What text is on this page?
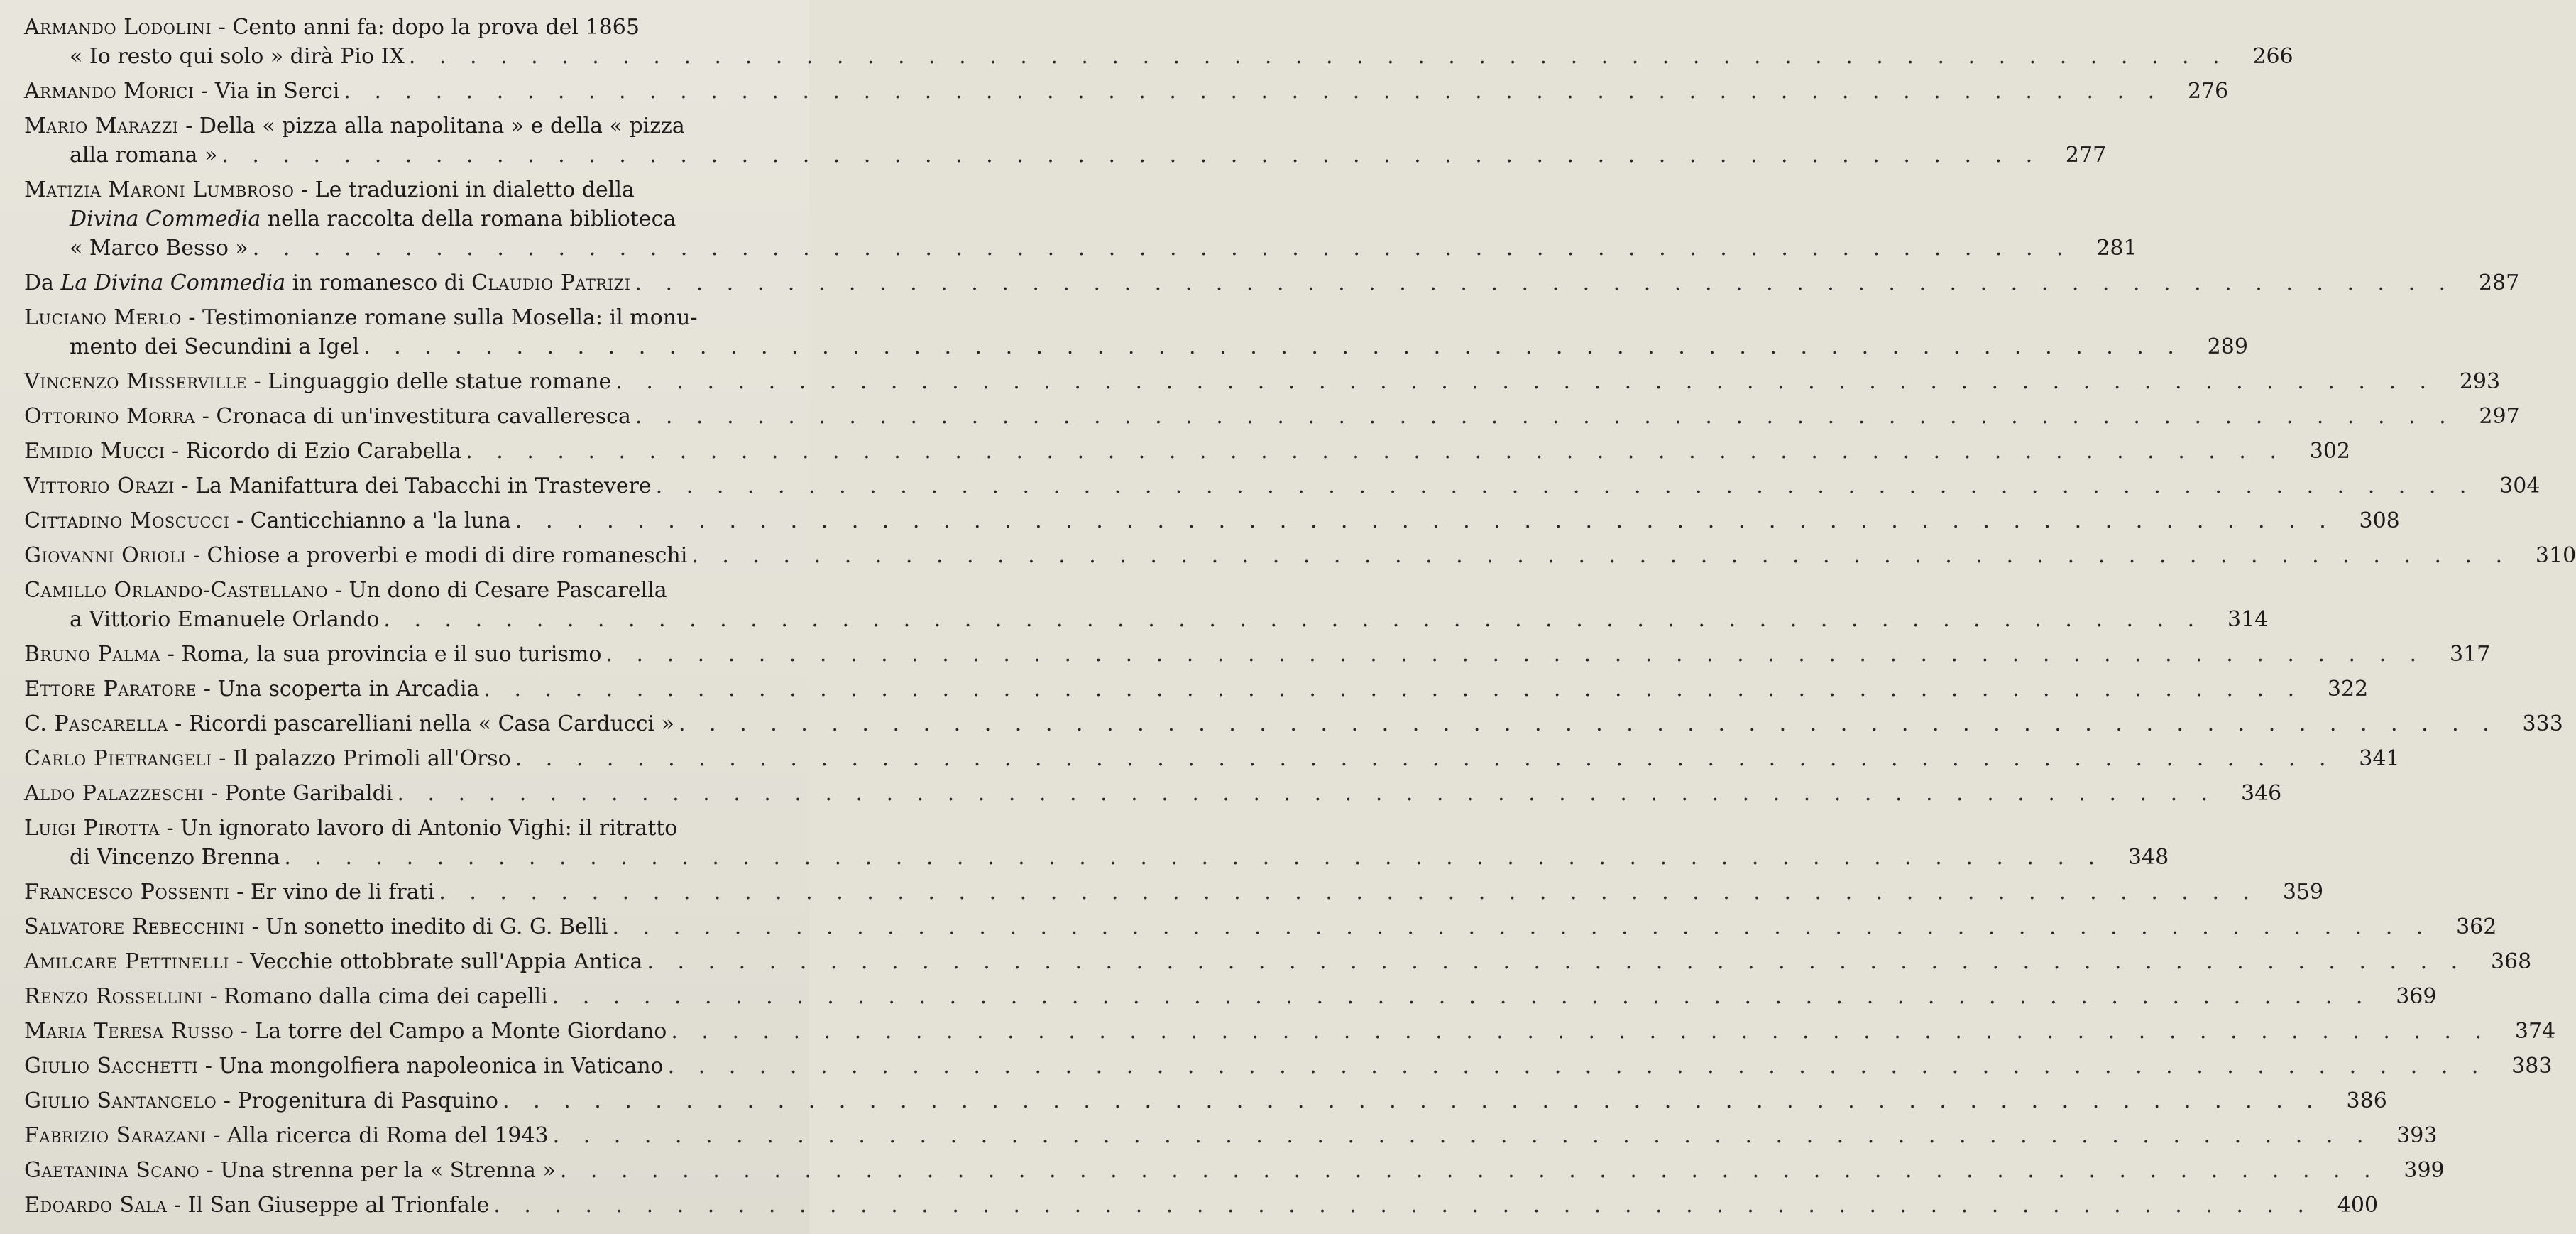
Armando Lodolini - Cento anni fa: dopo la prova del 1865
« Io resto qui solo » dirà Pio IX . . .	266
Armando Morici - Via in Serci . . .	276
Mario Marazzi - Della « pizza alla napolitana » e della « pizza
alla romana » . . .	277
Matizia Maroni Lumbroso - Le traduzioni in dialetto della
Divina Commedia nella raccolta della romana biblioteca
« Marco Besso » . . .	281
Da La Divina Commedia in romanesco di Claudio Patrizi . . .	287
Luciano Merlo - Testimonianze romane sulla Mosella: il monu-
mento dei Secundini a Igel . . .	289
Vincenzo Misserville - Linguaggio delle statue romane . . .	293
Ottorino Morra - Cronaca di un'investitura cavalleresca . . .	297
Emidio Mucci - Ricordo di Ezio Carabella . . .	302
Vittorio Orazi - La Manifattura dei Tabacchi in Trastevere . . .	304
Cittadino Moscucci - Canticchianno a 'la luna . . .	308
Giovanni Orioli - Chiose a proverbi e modi di dire romaneschi . . .	310
Camillo Orlando-Castellano - Un dono di Cesare Pascarella
a Vittorio Emanuele Orlando . . .	314
Bruno Palma - Roma, la sua provincia e il suo turismo . . .	317
Ettore Paratore - Una scoperta in Arcadia . . .	322
C. Pascarella - Ricordi pascarelliani nella « Casa Carducci » . . .	333
Carlo Pietrangeli - Il palazzo Primoli all'Orso . . .	341
Aldo Palazzeschi - Ponte Garibaldi . . .	346
Luigi Pirotta - Un ignorato lavoro di Antonio Vighi: il ritratto
di Vincenzo Brenna . . .	348
Francesco Possenti - Er vino de li frati . . .	359
Salvatore Rebecchini - Un sonetto inedito di G. G. Belli . . .	362
Amilcare Pettinelli - Vecchie ottobbrate sull'Appia Antica . . .	368
Renzo Rossellini - Romano dalla cima dei capelli . . .	369
Maria Teresa Russo - La torre del Campo a Monte Giordano . . .	374
Giulio Sacchetti - Una mongolfiera napoleonica in Vaticano . . .	383
Giulio Santangelo - Progenitura di Pasquino . . .	386
Fabrizio Sarazani - Alla ricerca di Roma del 1943 . . .	393
Gaetanina Scano - Una strenna per la « Strenna » . . .	399
Edoardo Sala - Il San Giuseppe al Trionfale . . .	400
